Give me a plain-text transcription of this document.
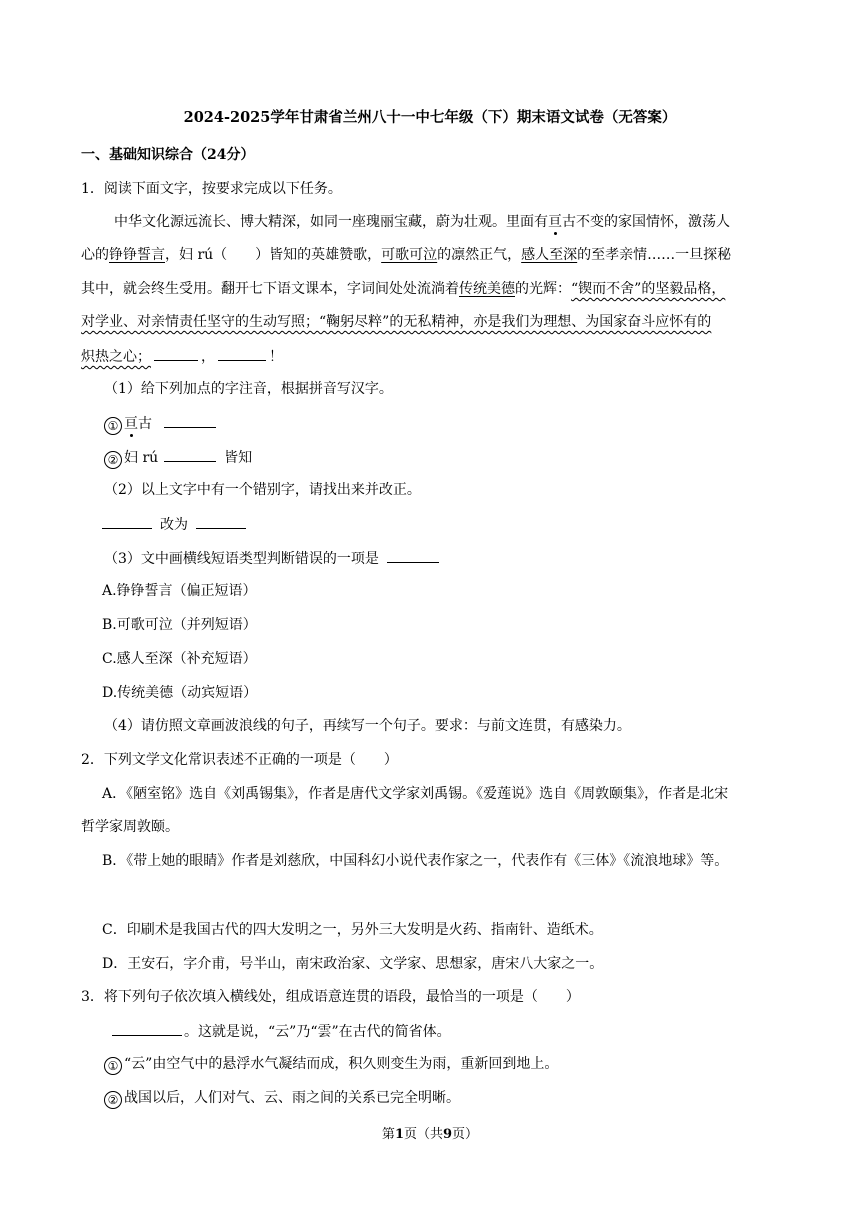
2024-2025学年甘肃省兰州八十一中七年级（下）期末语文试卷（无答案）
一、基础知识综合（24分）
1．阅读下面文字，按要求完成以下任务。
中华文化源远流长、博大精深，如同一座瑰丽宝藏，蔚为壮观。里面有亘古不变的家国情怀，激荡人
心的铮铮誓言，妇 rú（　　）皆知的英雄赞歌，可歌可泣的凛然正气，感人至深的至孝亲情……一旦探秘
其中，就会终生受用。翻开七下语文课本，字词间处处流淌着传统美德的光辉：“锲而不舍”的坚毅品格，
对学业、对亲情责任坚守的生动写照；“鞠躬尽粹”的无私精神，亦是我们为理想、为国家奋斗应怀有的
炽热之心；	，	！
（1）给下列加点的字注音，根据拼音写汉字。
① 亘古
② 妇 rú	皆知
（2）以上文字中有一个错别字，请找出来并改正。
改为
（3）文中画横线短语类型判断错误的一项是
A.铮铮誓言（偏正短语）
B.可歌可泣（并列短语）
C.感人至深（补充短语）
D.传统美德（动宾短语）
（4）请仿照文章画波浪线的句子，再续写一个句子。要求：与前文连贯，有感染力。
2．下列文学文化常识表述不正确的一项是（　　）
A．《陋室铭》选自《刘禹锡集》，作者是唐代文学家刘禹锡。《爱莲说》选自《周敦颐集》，作者是北宋
哲学家周敦颐。
B．《带上她的眼睛》作者是刘慈欣，中国科幻小说代表作家之一，代表作有《三体》《流浪地球》等。
C．印刷术是我国古代的四大发明之一，另外三大发明是火药、指南针、造纸术。
D．王安石，字介甫，号半山，南宋政治家、文学家、思想家，唐宋八大家之一。
3．将下列句子依次填入横线处，组成语意连贯的语段，最恰当的一项是（　　）
。这就是说，“云”乃“雲”在古代的简省体。
① “云”由空气中的悬浮水气凝结而成，积久则变生为雨，重新回到地上。
② 战国以后，人们对气、云、雨之间的关系已完全明晰。
第1页（共9页）
